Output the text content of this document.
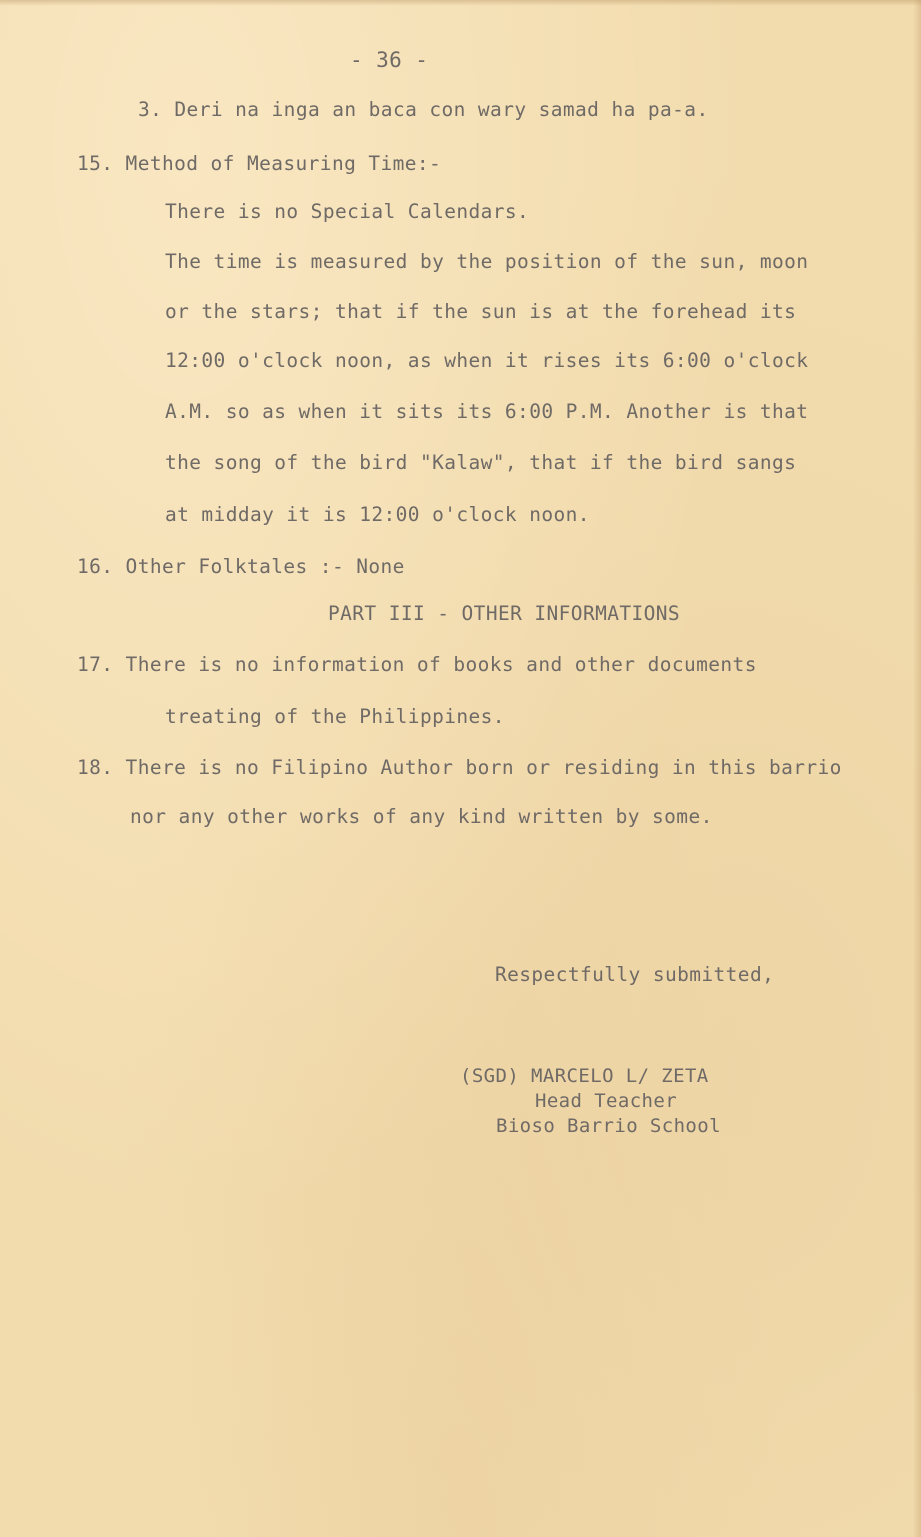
- 36 -
3. Deri na inga an baca con wary samad ha pa-a.
15. Method of Measuring Time:-
There is no Special Calendars.
The time is measured by the position of the sun, moon
or the stars; that if the sun is at the forehead its
12:00 o'clock noon, as when it rises its 6:00 o'clock
A.M. so as when it sits its 6:00 P.M. Another is that
the song of the bird "Kalaw", that if the bird sangs
at midday it is 12:00 o'clock noon.
16. Other Folktales :- None
PART III - OTHER INFORMATIONS
17. There is no information of books and other documents
treating of the Philippines.
18. There is no Filipino Author born or residing in this barrio
nor any other works of any kind written by some.
Respectfully submitted,
(SGD) MARCELO L/ ZETA
Head Teacher
Bioso Barrio School
